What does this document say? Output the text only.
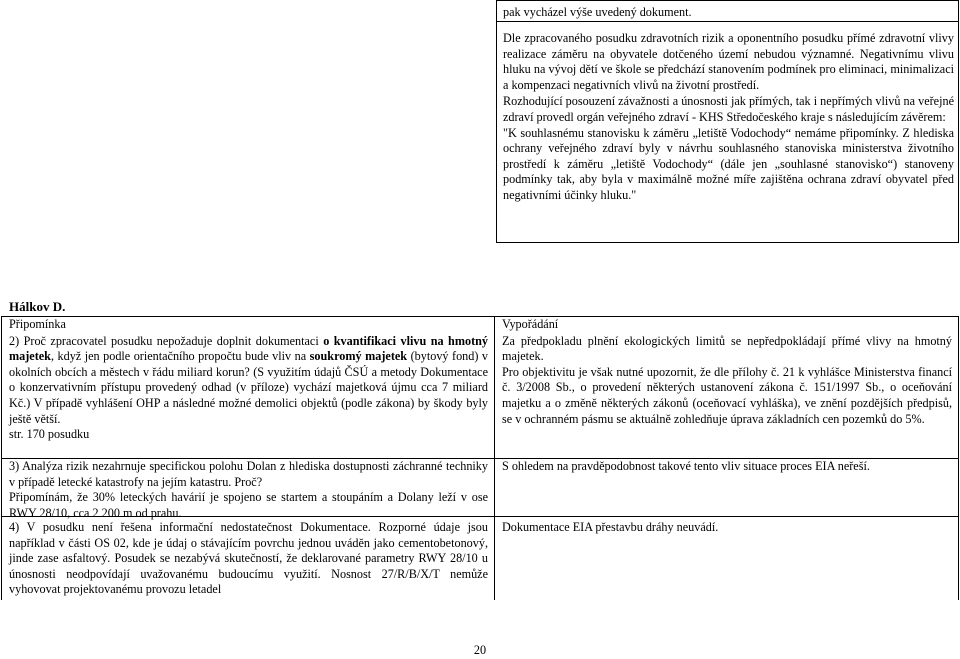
pak vycházel výše uvedený dokument.

Dle zpracovaného posudku zdravotních rizik a oponentního posudku přímé zdravotní vlivy realizace záměru na obyvatele dotčeného území nebudou významné. Negativnímu vlivu hluku na vývoj dětí ve škole se předchází stanovením podmínek pro eliminaci, minimalizaci a kompenzaci negativních vlivů na životní prostředí.

Rozhodující posouzení závažnosti a únosnosti jak přímých, tak i nepřímých vlivů na veřejné zdraví provedl orgán veřejného zdraví - KHS Středočeského kraje s následujícím závěrem:

"K souhlasnému stanovisku k záměru „letiště Vodochody“ nemáme připomínky. Z hlediska ochrany veřejného zdraví byly v návrhu souhlasného stanoviska ministerstva životního prostředí k záměru „letiště Vodochody“ (dále jen „souhlasné stanovisko“) stanoveny podmínky tak, aby byla v maximálně možné míře zajištěna ochrana zdraví obyvatel před negativními účinky hluku."

Hálkov D.

Připomínka

2) Proč zpracovatel posudku nepožaduje doplnit dokumentaci o kvantifikaci vlivu na hmotný majetek, když jen podle orientačního propočtu bude vliv na soukromý majetek (bytový fond) v okolních obcích a městech v řádu miliard korun? (S využitím údajů ČSÚ a metody Dokumentace o konzervativním přístupu provedený odhad (v příloze) vychází majetková újmu cca 7 miliard Kč.) V případě vyhlášení OHP a následné možné demolici objektů (podle zákona) by škody byly ještě větší.

str. 170 posudku

Vypořádání

Za předpokladu plnění ekologických limitů se nepředpokládají přímé vlivy na hmotný majetek.
Pro objektivitu je však nutné upozornit, že dle přílohy č. 21 k vyhlášce Ministerstva financí č. 3/2008 Sb., o provedení některých ustanovení zákona č. 151/1997 Sb., o oceňování majetku a o změně některých zákonů (oceňovací vyhláška), ve znění pozdějších předpisů, se v ochranném pásmu se aktuálně zohledňuje úprava základních cen pozemků do 5%.

3) Analýza rizik nezahrnuje specifickou polohu Dolan z hlediska dostupnosti záchranné techniky v případě letecké katastrofy na jejím katastru. Proč?
Připomínám, že 30% leteckých havárií je spojeno se startem a stoupáním a Dolany leží v ose RWY 28/10, cca 2 200 m od prahu.

S ohledem na pravděpodobnost takové tento vliv situace proces EIA neřeší.

4) V posudku není řešena informační nedostatečnost Dokumentace. Rozporné údaje jsou například v části OS 02, kde je údaj o stávajícím povrchu jednou uváděn jako cementobetonový, jinde zase asfaltový. Posudek se nezabývá skutečností, že deklarované parametry RWY 28/10 u únosnosti neodpovídají uvažovanému budoucímu využití. Nosnost 27/R/B/X/T nemůže vyhovovat projektovanému provozu letadel

Dokumentace EIA přestavbu dráhy neuvádí.

20
